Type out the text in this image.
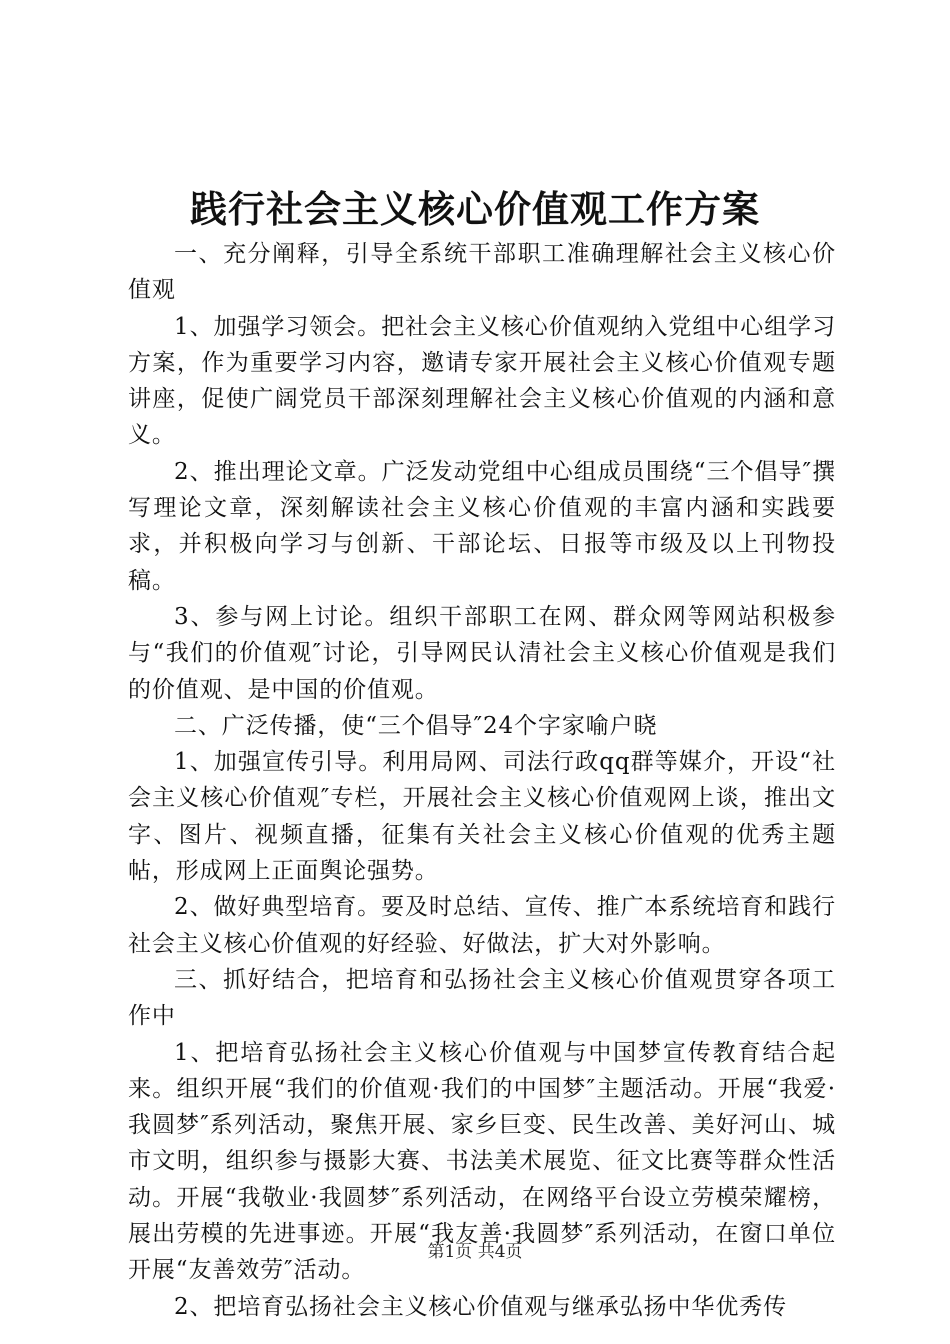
践行社会主义核心价值观工作方案

一、充分阐释，引导全系统干部职工准确理解社会主义核心价值观

1、加强学习领会。把社会主义核心价值观纳入党组中心组学习方案，作为重要学习内容，邀请专家开展社会主义核心价值观专题讲座，促使广阔党员干部深刻理解社会主义核心价值观的内涵和意义。

2、推出理论文章。广泛发动党组中心组成员围绕“三个倡导″撰写理论文章，深刻解读社会主义核心价值观的丰富内涵和实践要求，并积极向学习与创新、干部论坛、日报等市级及以上刊物投稿。

3、参与网上讨论。组织干部职工在网、群众网等网站积极参与“我们的价值观″讨论，引导网民认清社会主义核心价值观是我们的价值观、是中国的价值观。

二、广泛传播，使“三个倡导″24个字家喻户晓

1、加强宣传引导。利用局网、司法行政qq群等媒介，开设“社会主义核心价值观″专栏，开展社会主义核心价值观网上谈，推出文字、图片、视频直播，征集有关社会主义核心价值观的优秀主题帖，形成网上正面舆论强势。

2、做好典型培育。要及时总结、宣传、推广本系统培育和践行社会主义核心价值观的好经验、好做法，扩大对外影响。

三、抓好结合，把培育和弘扬社会主义核心价值观贯穿各项工作中

1、把培育弘扬社会主义核心价值观与中国梦宣传教育结合起来。组织开展“我们的价值观·我们的中国梦″主题活动。开展“我爱·我圆梦″系列活动，聚焦开展、家乡巨变、民生改善、美好河山、城市文明，组织参与摄影大赛、书法美术展览、征文比赛等群众性活动。开展“我敬业·我圆梦″系列活动，在网络平台设立劳模荣耀榜，展出劳模的先进事迹。开展“我友善·我圆梦″系列活动，在窗口单位开展“友善效劳″活动。

2、把培育弘扬社会主义核心价值观与继承弘扬中华优秀传

第1页 共4页
